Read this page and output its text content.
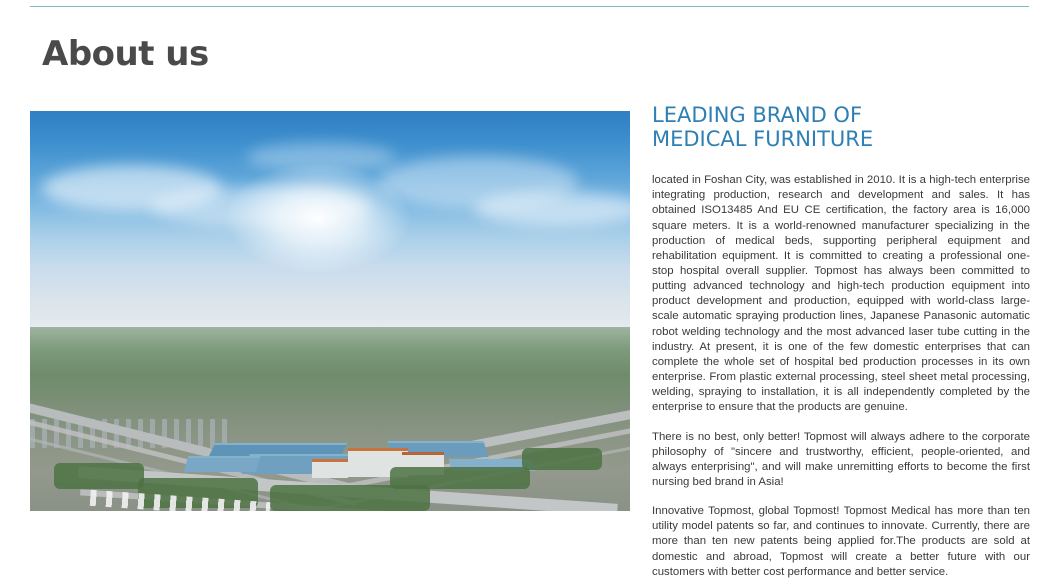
About us
LEADING BRAND OF
MEDICAL FURNITURE

located in Foshan City, was established in 2010. It is a high-tech enterprise integrating production, research and development and sales. It has obtained ISO13485 And EU CE certification, the factory area is 16,000 square meters. It is a world-renowned manufacturer specializing in the production of medical beds, supporting peripheral equipment and rehabilitation equipment. It is committed to creating a professional one-stop hospital overall supplier. Topmost has always been committed to putting advanced technology and high-tech production equipment into product development and production, equipped with world-class large-scale automatic spraying production lines, Japanese Panasonic automatic robot welding technology and the most advanced laser tube cutting in the industry. At present, it is one of the few domestic enterprises that can complete the whole set of hospital bed production processes in its own enterprise. From plastic external processing, steel sheet metal processing, welding, spraying to installation, it is all independently completed by the enterprise to ensure that the products are genuine.

There is no best, only better! Topmost will always adhere to the corporate philosophy of "sincere and trustworthy, efficient, people-oriented, and always enterprising", and will make unremitting efforts to become the first nursing bed brand in Asia!

Innovative Topmost, global Topmost! Topmost Medical has more than ten utility model patents so far, and continues to innovate. Currently, there are more than ten new patents being applied for.The products are sold at domestic and abroad, Topmost will create a better future with our customers with better cost performance and better service.
